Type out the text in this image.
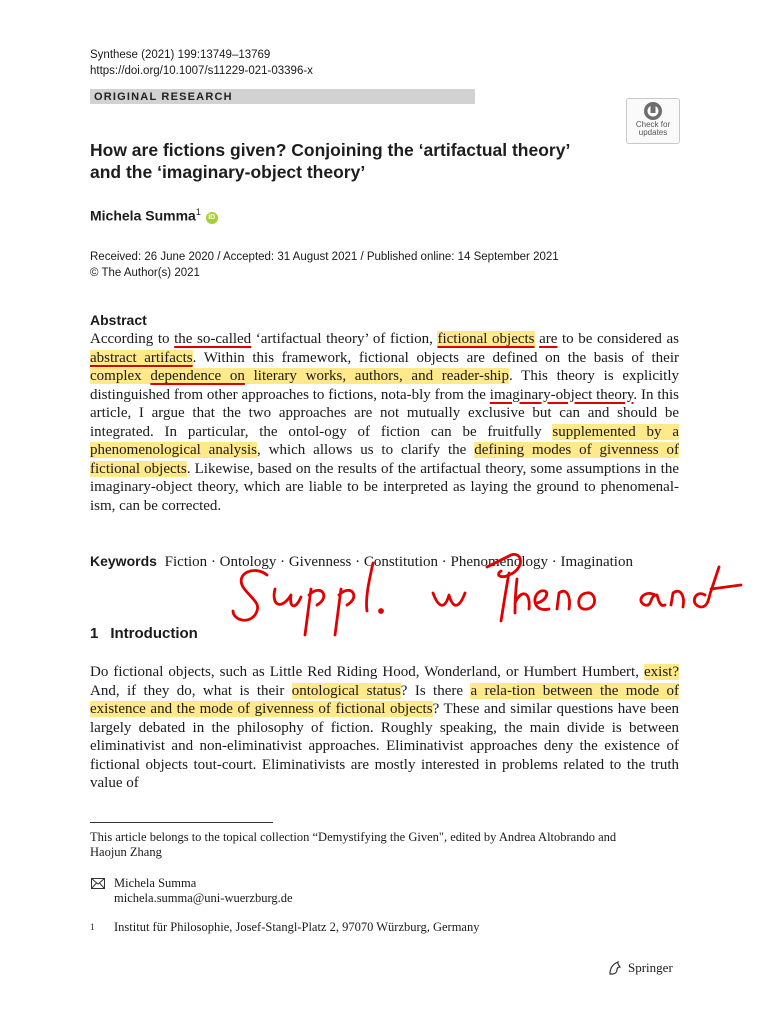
Synthese (2021) 199:13749–13769
https://doi.org/10.1007/s11229-021-03396-x
ORIGINAL RESEARCH
Check for updates
How are fictions given? Conjoining the ‘artifactual theory’
and the ‘imaginary-object theory’
Michela Summa$^1$ iD
Received: 26 June 2020 / Accepted: 31 August 2021 / Published online: 14 September 2021
© The Author(s) 2021
Abstract
According to the so-called ‘artifactual theory’ of fiction, fictional objects are to be considered as abstract artifacts. Within this framework, fictional objects are defined on the basis of their complex dependence on literary works, authors, and reader-ship. This theory is explicitly distinguished from other approaches to fictions, nota-bly from the imaginary-object theory. In this article, I argue that the two approaches are not mutually exclusive but can and should be integrated. In particular, the ontol-ogy of fiction can be fruitfully supplemented by a phenomenological analysis, which allows us to clarify the defining modes of givenness of fictional objects. Likewise, based on the results of the artifactual theory, some assumptions in the imaginary-object theory, which are liable to be interpreted as laying the ground to phenomenal-ism, can be corrected.
Keywords Fiction · Ontology · Givenness · Constitution · Phenomenology · Imagination
1 Introduction
Do fictional objects, such as Little Red Riding Hood, Wonderland, or Humbert Humbert, exist? And, if they do, what is their ontological status? Is there a rela-tion between the mode of existence and the mode of givenness of fictional objects? These and similar questions have been largely debated in the philosophy of fiction. Roughly speaking, the main divide is between eliminativist and non-eliminativist approaches. Eliminativist approaches deny the existence of fictional objects tout-court. Eliminativists are mostly interested in problems related to the truth value of
This article belongs to the topical collection “Demystifying the Given", edited by Andrea Altobrando and Haojun Zhang
Michela Summa
michela.summa@uni-wuerzburg.de
1	Institut für Philosophie, Josef-Stangl-Platz 2, 97070 Würzburg, Germany
Springer
